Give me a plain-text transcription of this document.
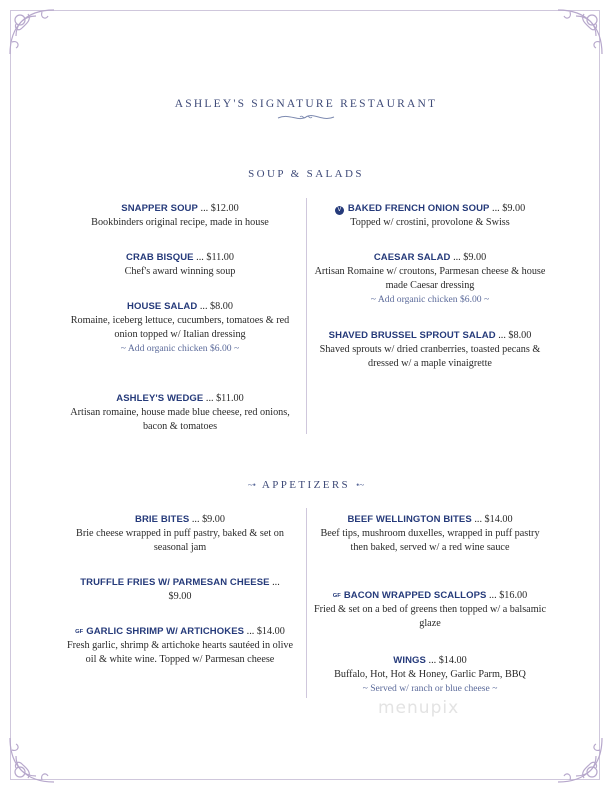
ASHLEY'S SIGNATURE RESTAURANT
SOUP & SALADS
SNAPPER SOUP ... $12.00
Bookbinders original recipe, made in house
CRAB BISQUE ... $11.00
Chef's award winning soup
HOUSE SALAD ... $8.00
Romaine, iceberg lettuce, cucumbers, tomatoes & red onion topped w/ Italian dressing
~ Add organic chicken $6.00 ~
ASHLEY'S WEDGE ... $11.00
Artisan romaine, house made blue cheese, red onions, bacon & tomatoes
V BAKED FRENCH ONION SOUP ... $9.00
Topped w/ crostini, provolone & Swiss
CAESAR SALAD ... $9.00
Artisan Romaine w/ croutons, Parmesan cheese & house made Caesar dressing
~ Add organic chicken $6.00 ~
SHAVED BRUSSEL SPROUT SALAD ... $8.00
Shaved sprouts w/ dried cranberries, toasted pecans & dressed w/ a maple vinaigrette
~• APPETIZERS •~
BRIE BITES ... $9.00
Brie cheese wrapped in puff pastry, baked & set on seasonal jam
TRUFFLE FRIES W/ PARMESAN CHEESE ...
$9.00
GF GARLIC SHRIMP W/ ARTICHOKES ... $14.00
Fresh garlic, shrimp & artichoke hearts sautéed in olive oil & white wine. Topped w/ Parmesan cheese
BEEF WELLINGTON BITES ... $14.00
Beef tips, mushroom duxelles, wrapped in puff pastry then baked, served w/ a red wine sauce
GF BACON WRAPPED SCALLOPS ... $16.00
Fried & set on a bed of greens then topped w/ a balsamic glaze
WINGS ... $14.00
Buffalo, Hot, Hot & Honey, Garlic Parm, BBQ
~ Served w/ ranch or blue cheese ~
menupix
